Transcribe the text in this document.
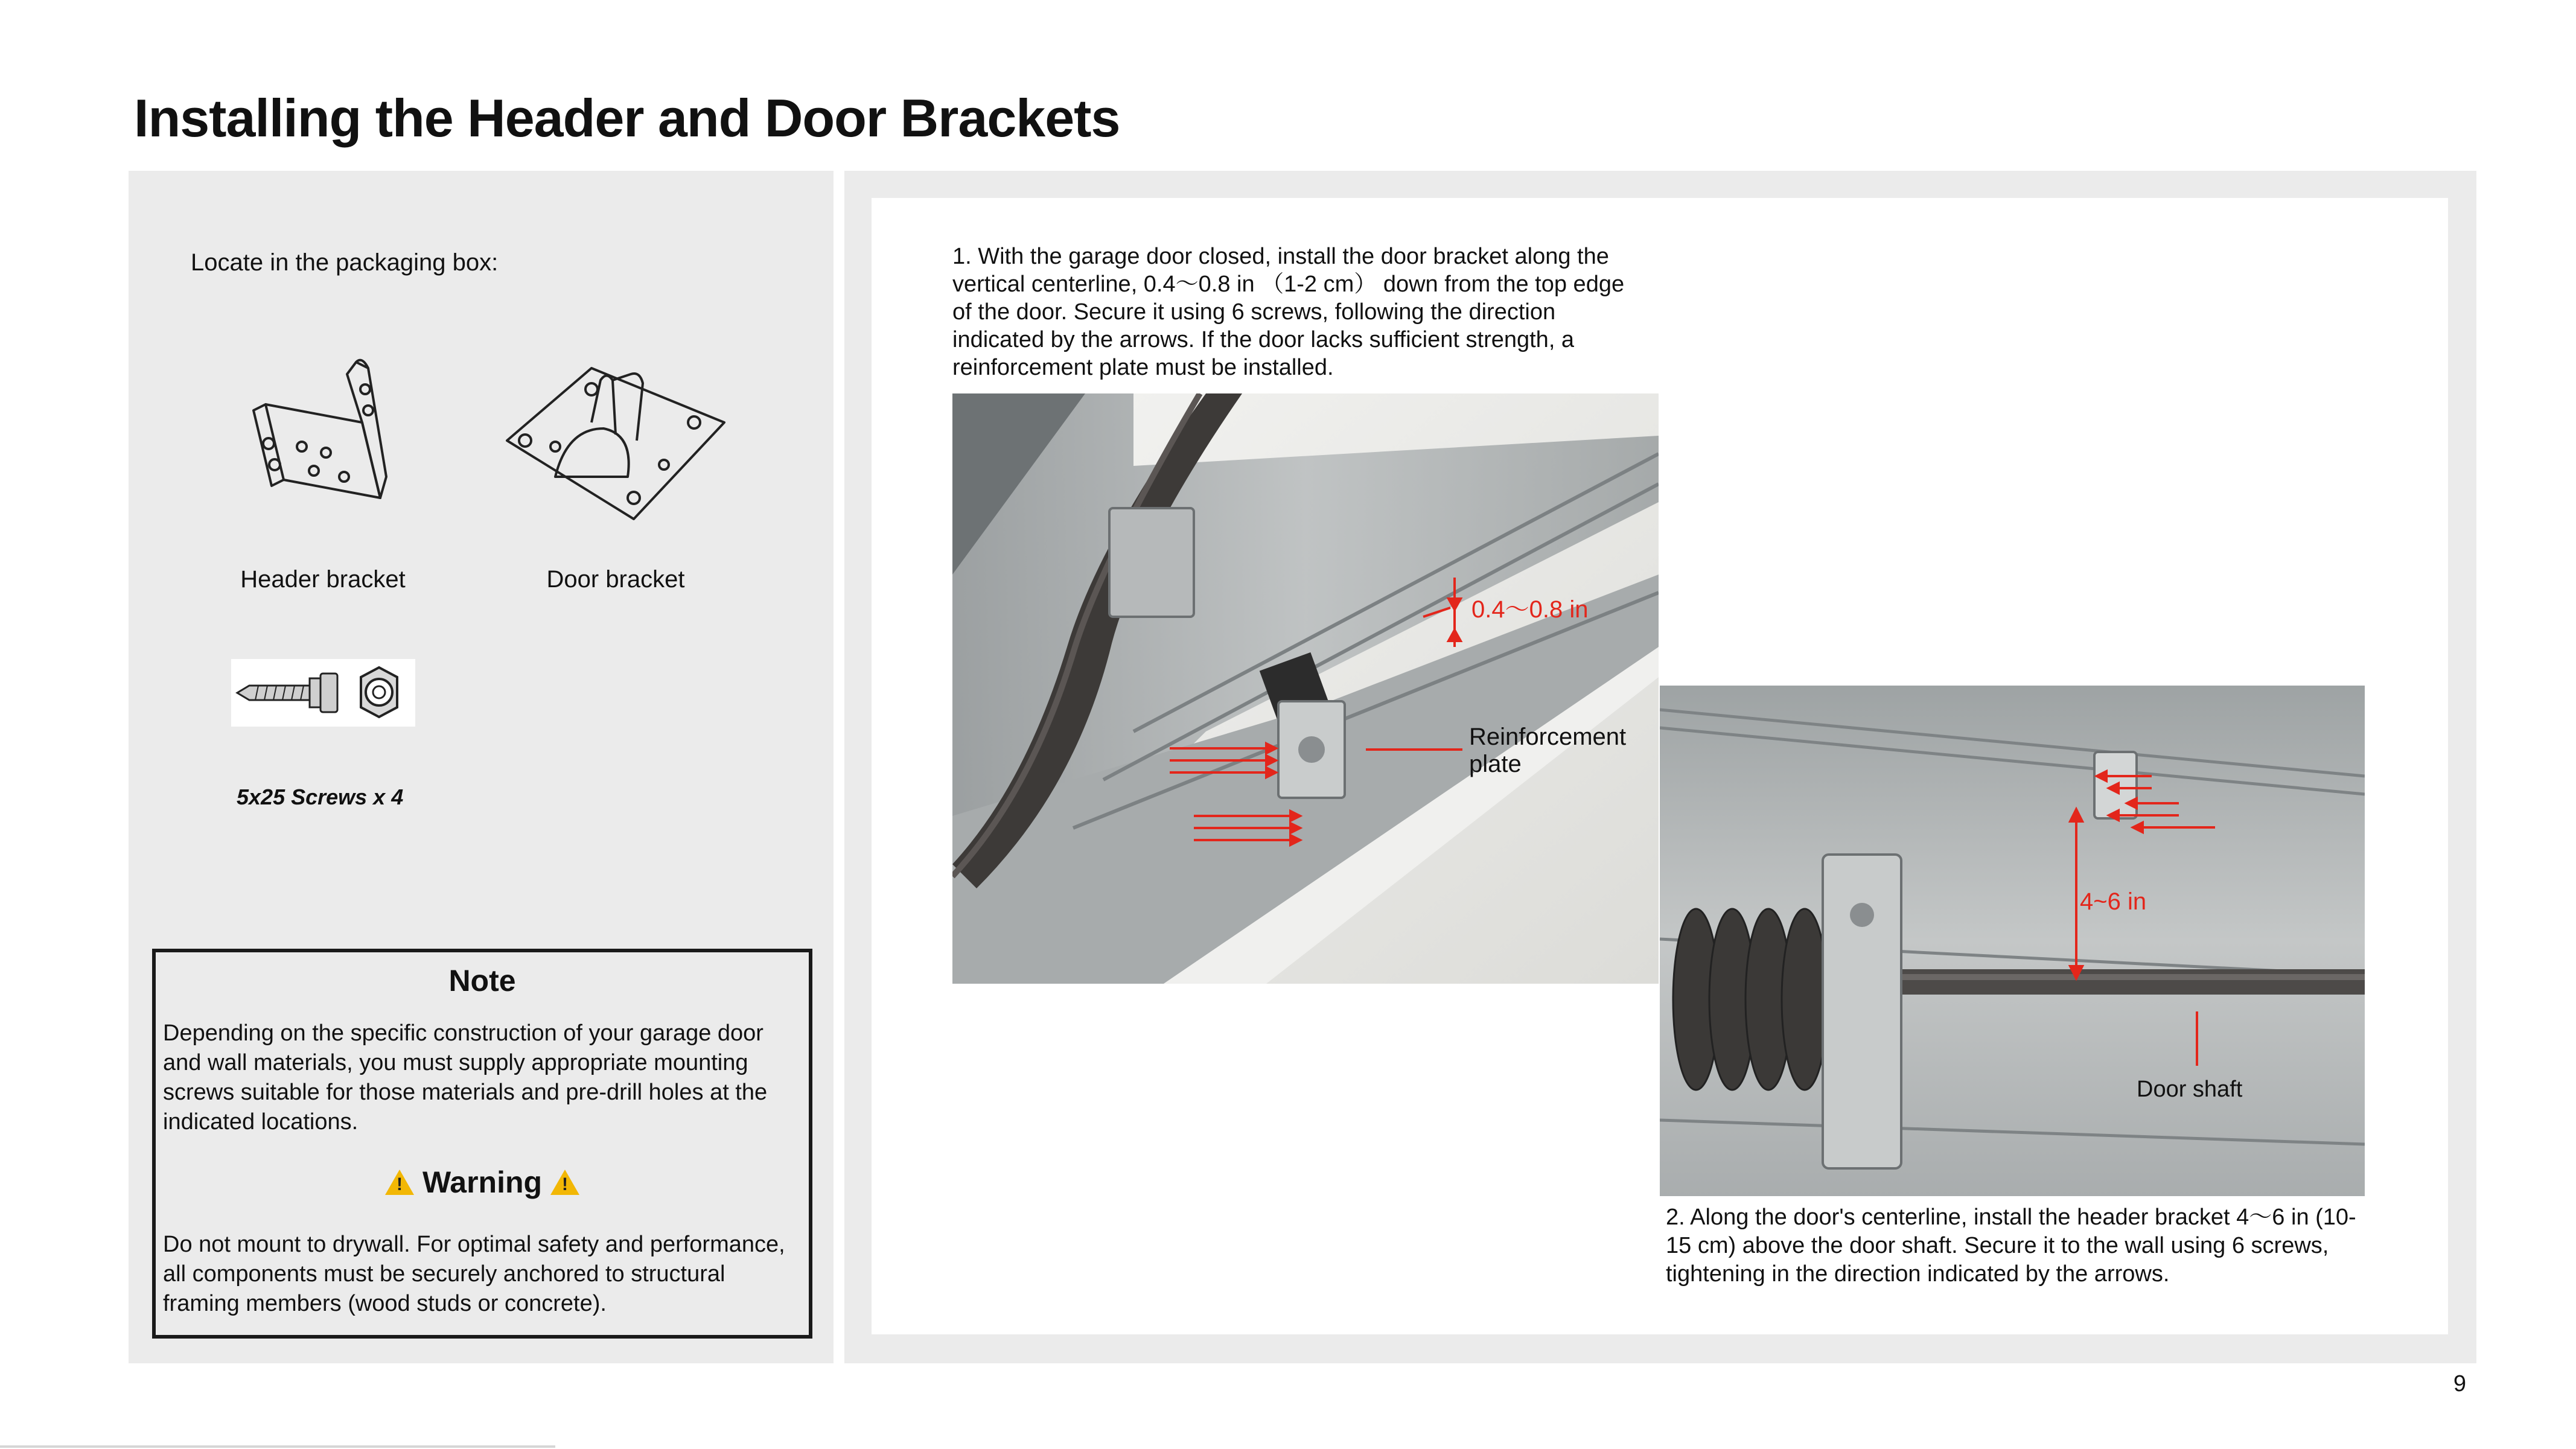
Installing the Header and Door Brackets
Locate in the packaging box:
Header bracket	Door bracket
5x25 Screws x 4
Note
Depending on the specific construction of your garage door and wall materials, you must supply appropriate mounting screws suitable for those materials and pre-drill holes at the indicated locations.
! Warning !
Do not mount to drywall. For optimal safety and performance, all components must be securely anchored to structural framing members (wood studs or concrete).
1. With the garage door closed, install the door bracket along the vertical centerline, 0.4～0.8 in （1-2 cm） down from the top edge of the door. Secure it using 6 screws, following the direction indicated by the arrows. If the door lacks sufficient strength, a reinforcement plate must be installed.
0.4～0.8 in
Reinforcement
plate
4~6 in
Door shaft
2. Along the door's centerline, install the header bracket 4～6 in (10-15 cm) above the door shaft. Secure it to the wall using 6 screws, tightening in the direction indicated by the arrows.
9
